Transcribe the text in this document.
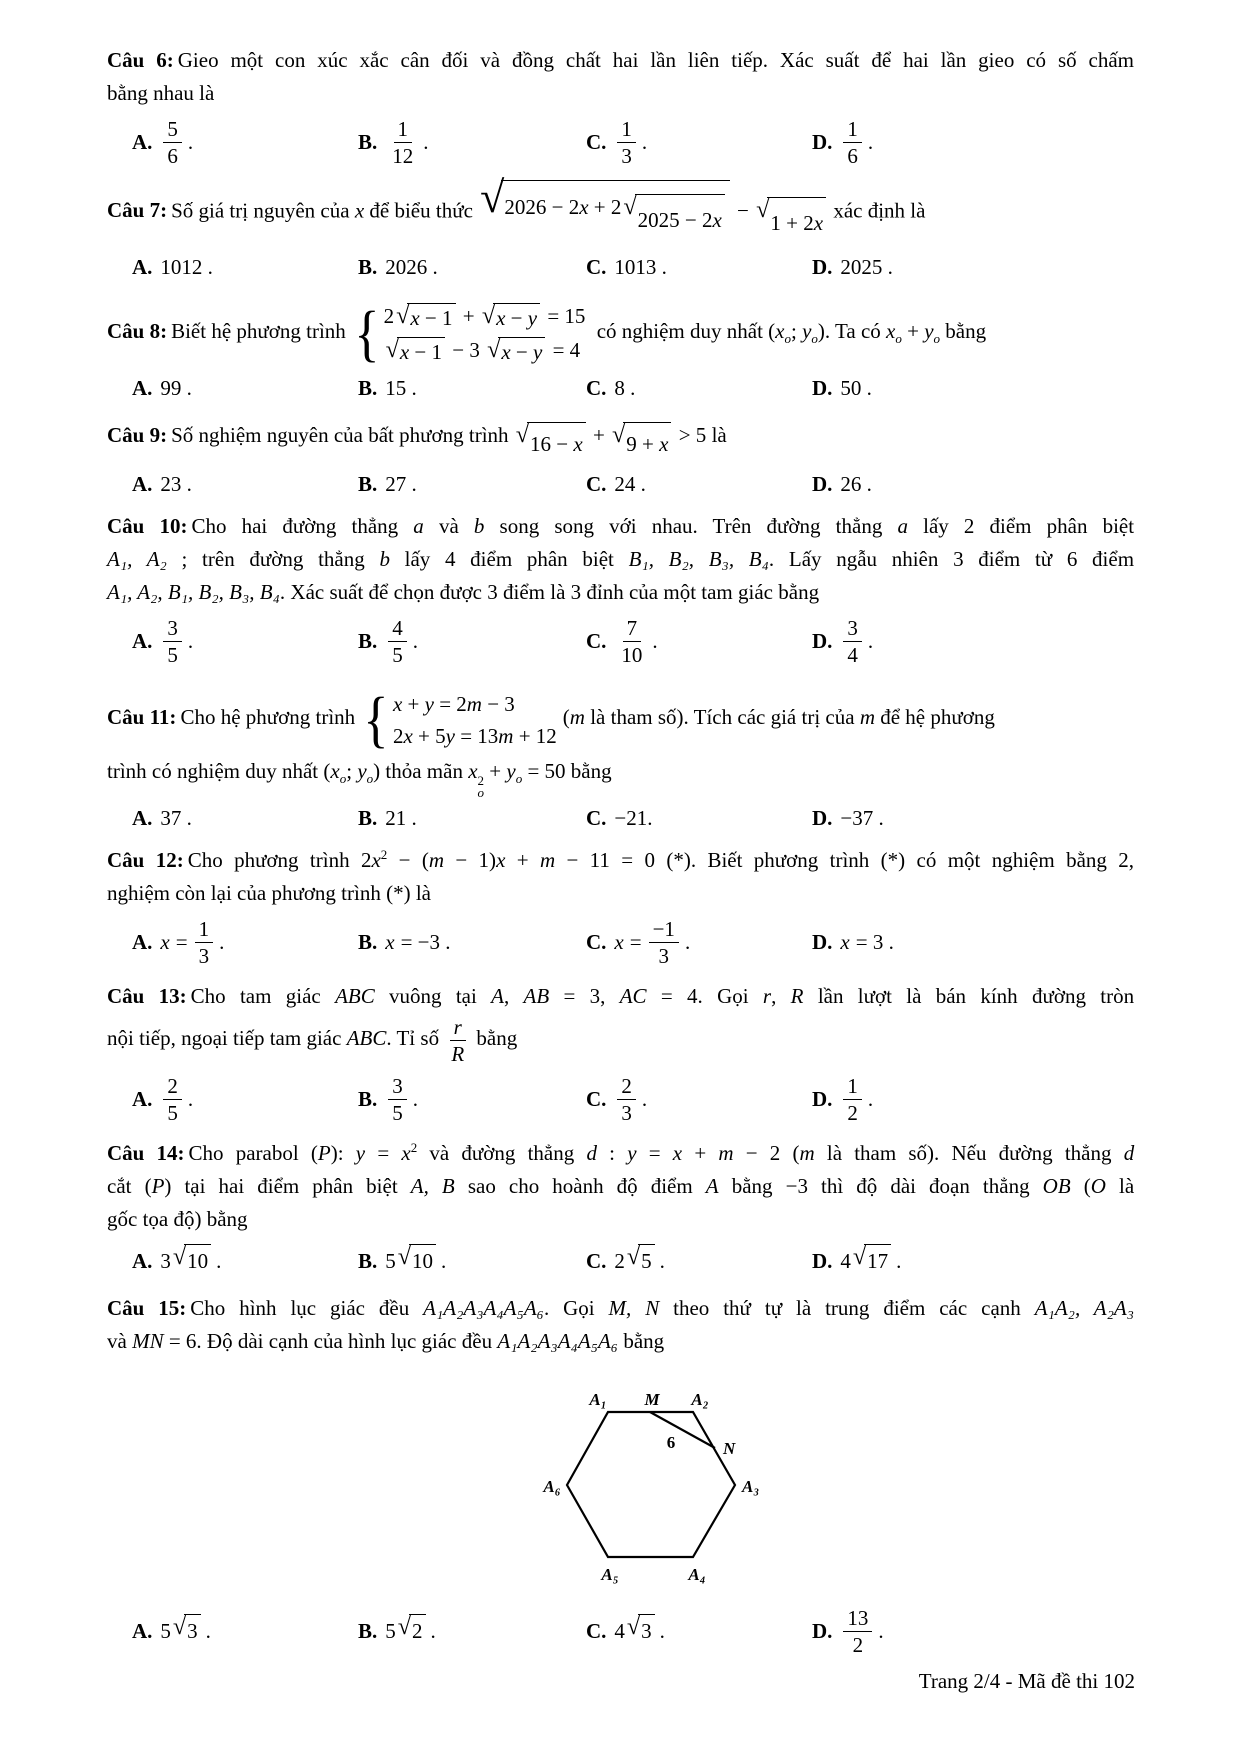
Câu 6: Gieo một con xúc xắc cân đối và đồng chất hai lần liên tiếp. Xác suất để hai lần gieo có số chấm
bằng nhau là
A. $\frac{5}{6}$ .	B. $\frac{1}{12}$ .	C. $\frac{1}{3}$ .	D. $\frac{1}{6}$ .
Câu 7: Số giá trị nguyên của x để biểu thức √ 2026 − 2x + 2 √ 2025 − 2x − √ 1 + 2x
xác định là
A. 1012 .	B. 2026 .	C. 1013 .	D. 2025 .
Câu 8: Biết hệ phương trình { 2 √ x − 1 + √ x − y = 15
√ x − 1 − 3 √ x − y = 4
có nghiệm duy nhất ($x_o$; $y_o$). Ta có $x_o + y_o$ bằng
A. 99 .	B. 15 .	C. 8 .	D. 50 .
Câu 9: Số nghiệm nguyên của bất phương trình √ 16 − x + √ 9 + x > 5 là
A. 23 .	B. 27 .	C. 24 .	D. 26 .
Câu 10: Cho hai đường thẳng a và b song song với nhau. Trên đường thẳng a lấy 2 điểm phân biệt
A₁, A₂ ; trên đường thẳng b lấy 4 điểm phân biệt B₁, B₂, B₃, B₄. Lấy ngẫu nhiên 3 điểm từ 6 điểm
A₁, A₂, B₁, B₂, B₃, B₄. Xác suất để chọn được 3 điểm là 3 đỉnh của một tam giác bằng
A. $\frac{3}{5}$ .	B. $\frac{4}{5}$ .	C. $\frac{7}{10}$ .	D. $\frac{3}{4}$ .
Câu 11: Cho hệ phương trình { x + y = 2m − 3
2x + 5y = 13m + 12
(m là tham số). Tích các giá trị của m để hệ phương
trình có nghiệm duy nhất ($x_o$; $y_o$) thỏa mãn x 2
o
+ $y_o = 50$ bằng
A. 37 .	B. 21 .	C. −21.	D. −37 .
Câu 12: Cho phương trình $2x^2 - (m - 1)x + m - 11 = 0$ (*). Biết phương trình (*) có một nghiệm bằng 2,
nghiệm còn lại của phương trình (*) là
A. $x = \frac{1}{3}$ .	B. x = −3 .	C. $x = \frac{-1}{3}$ .	D. x = 3 .
Câu 13: Cho tam giác ABC vuông tại A, AB = 3, AC = 4. Gọi r, R lần lượt là bán kính đường tròn
nội tiếp, ngoại tiếp tam giác ABC. Tỉ số $\frac{r}{R}$ bằng
A. $\frac{2}{5}$ .	B. $\frac{3}{5}$ .	C. $\frac{2}{3}$ .	D. $\frac{1}{2}$ .
Câu 14: Cho parabol (P): $y = x^2$ và đường thẳng d : y = x + m − 2 (m là tham số). Nếu đường thẳng d
cắt (P) tại hai điểm phân biệt A, B sao cho hoành độ điểm A bằng −3 thì độ dài đoạn thẳng OB (O là
gốc tọa độ) bằng
A. 3 √ 10 .	B. 5 √ 10 .	C. 2 √ 5 .	D. 4 √ 17 .
Câu 15: Cho hình lục giác đều A₁A₂A₃A₄A₅A₆. Gọi M, N theo thứ tự là trung điểm các cạnh A₁A₂, A₂A₃
và MN = 6. Độ dài cạnh của hình lục giác đều A₁A₂A₃A₄A₅A₆ bằng
A₁ M A₂
N
A₃
A₆
A₅	A₄
6
A. 5 √ 3 .	B. 5 √ 2 .	C. 4 √ 3 .	D. $\frac{13}{2}$ .
Trang 2/4 - Mã đề thi 102
